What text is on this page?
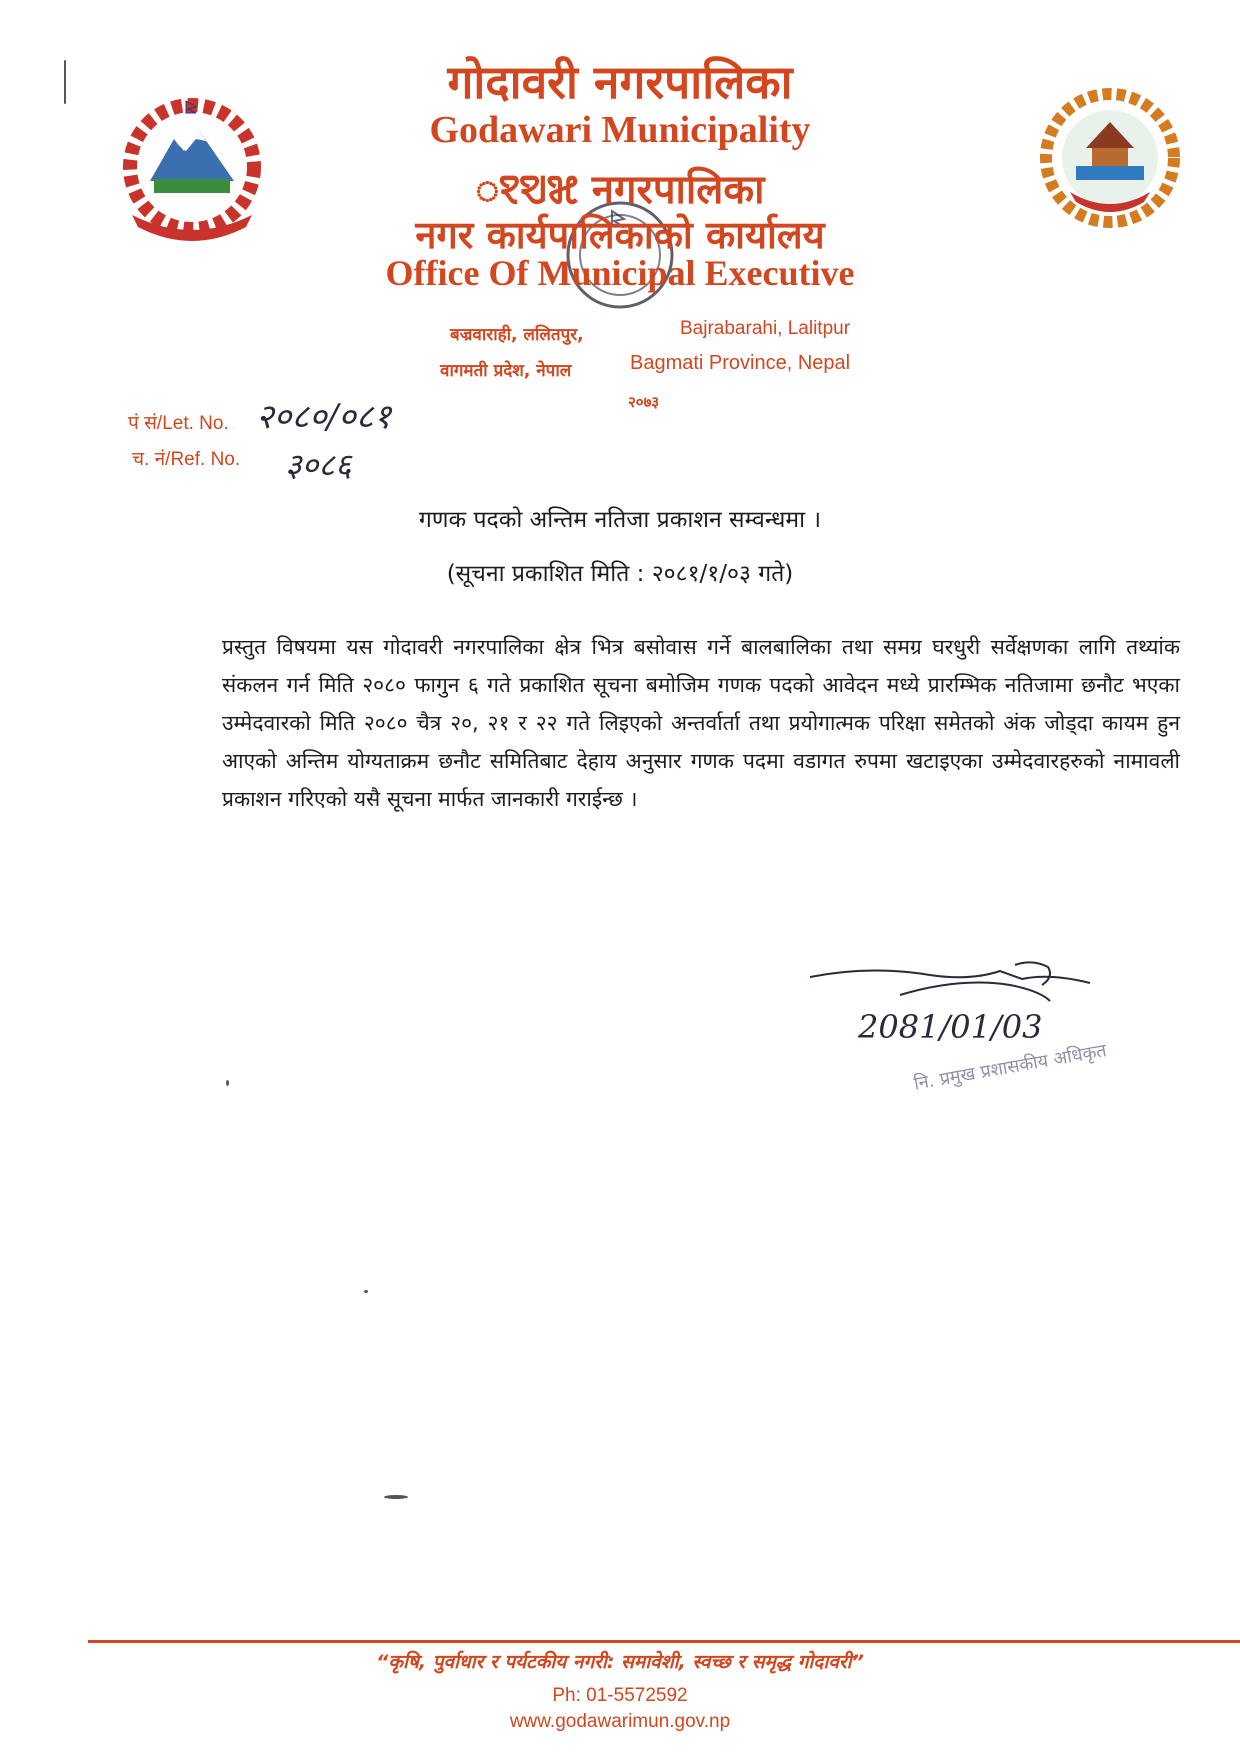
गोदावरी नगरपालिका
Godawari Municipality
ꣁꣂꣃ नगरपालिका
नगर कार्यपालिकाको कार्यालय
Office Of Municipal Executive
बज्रवाराही, ललितपुर,	Bajrabarahi, Lalitpur
वागमती प्रदेश, नेपाल	Bagmati Province, Nepal
२०७३
पं सं/Let. No. २०८०/०८१
च. नं/Ref. No. ३०८६
गणक पदको अन्तिम नतिजा प्रकाशन सम्वन्धमा ।
(सूचना प्रकाशित मिति : २०८१/१/०३ गते)
प्रस्तुत विषयमा यस गोदावरी नगरपालिका क्षेत्र भित्र बसोवास गर्ने बालबालिका तथा समग्र घरधुरी सर्वेक्षणका लागि तथ्यांक संकलन गर्न मिति २०८० फागुन ६ गते प्रकाशित सूचना बमोजिम गणक पदको आवेदन मध्ये प्रारम्भिक नतिजामा छनौट भएका उम्मेदवारको मिति २०८० चैत्र २०, २१ र २२ गते लिइएको अन्तर्वार्ता तथा प्रयोगात्मक परिक्षा समेतको अंक जोड्दा कायम हुन आएको अन्तिम योग्यताक्रम छनौट समितिबाट देहाय अनुसार गणक पदमा वडागत रुपमा खटाइएका उम्मेदवारहरुको नामावली प्रकाशन गरिएको यसै सूचना मार्फत जानकारी गराईन्छ ।
2081/01/03
नि. प्रमुख प्रशासकीय अधिकृत
“कृषि, पुर्वाधार र पर्यटकीय नगरी: समावेशी, स्वच्छ र समृद्ध गोदावरी”
Ph: 01-5572592
www.godawarimun.gov.np
